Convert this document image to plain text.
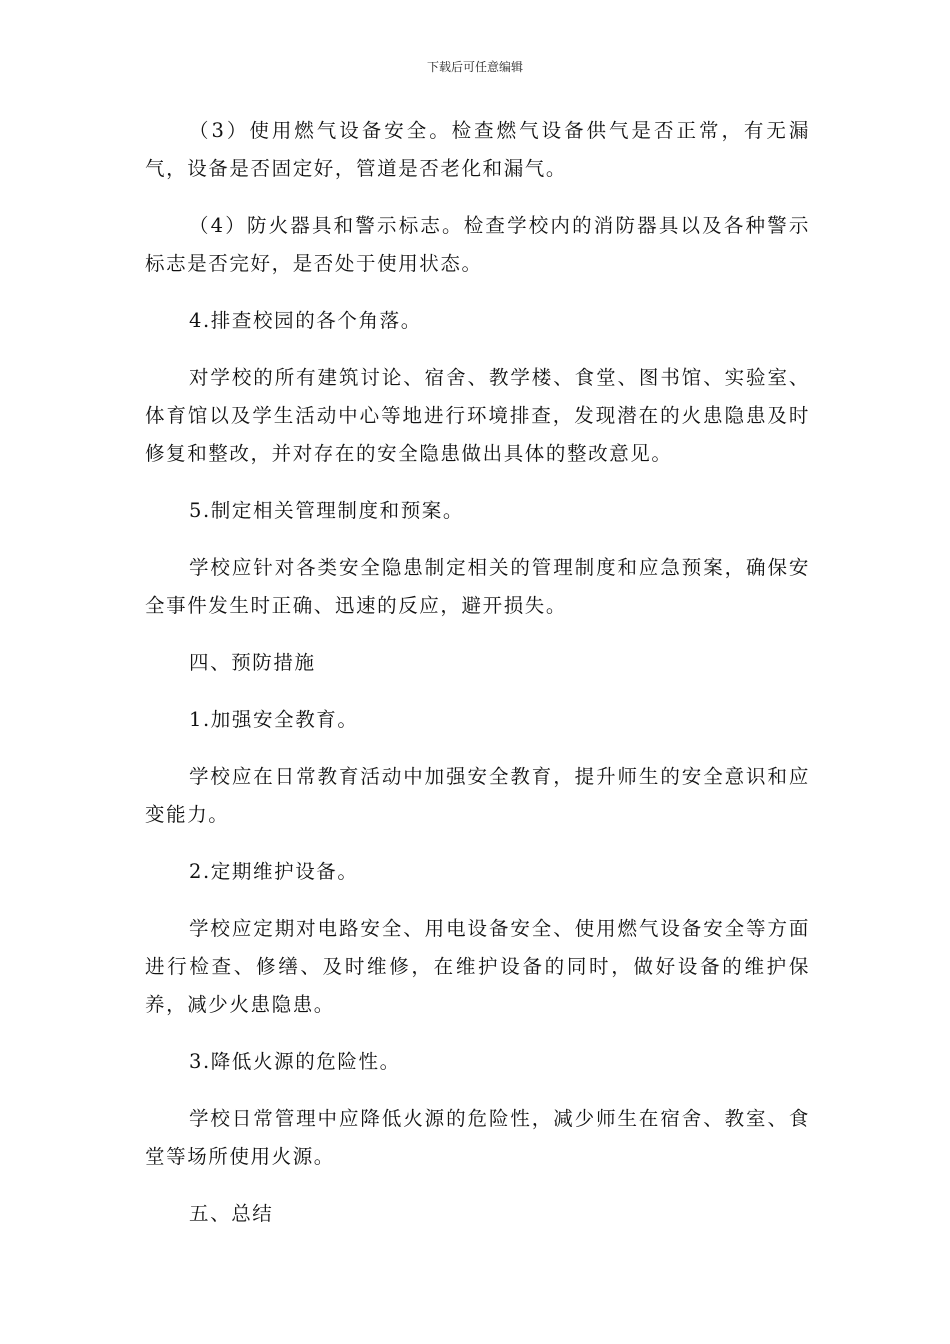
下载后可任意编辑

（3）使用燃气设备安全。检查燃气设备供气是否正常，有无漏气，设备是否固定好，管道是否老化和漏气。

（4）防火器具和警示标志。检查学校内的消防器具以及各种警示标志是否完好，是否处于使用状态。

4.排查校园的各个角落。

对学校的所有建筑讨论、宿舍、教学楼、食堂、图书馆、实验室、体育馆以及学生活动中心等地进行环境排查，发现潜在的火患隐患及时修复和整改，并对存在的安全隐患做出具体的整改意见。

5.制定相关管理制度和预案。

学校应针对各类安全隐患制定相关的管理制度和应急预案，确保安全事件发生时正确、迅速的反应，避开损失。

四、预防措施

1.加强安全教育。

学校应在日常教育活动中加强安全教育，提升师生的安全意识和应变能力。

2.定期维护设备。

学校应定期对电路安全、用电设备安全、使用燃气设备安全等方面进行检查、修缮、及时维修，在维护设备的同时，做好设备的维护保养，减少火患隐患。

3.降低火源的危险性。

学校日常管理中应降低火源的危险性，减少师生在宿舍、教室、食堂等场所使用火源。

五、总结
